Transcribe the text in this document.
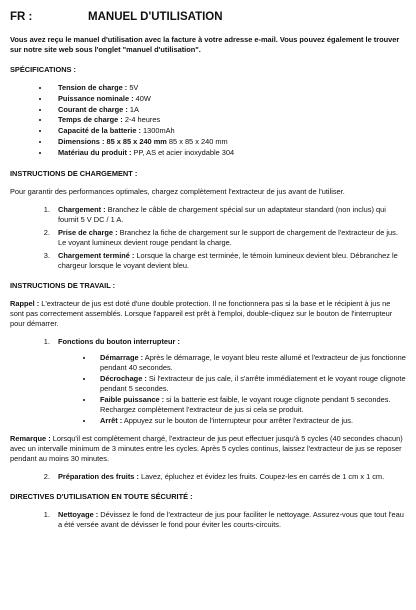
FR :	MANUEL D'UTILISATION

Vous avez reçu le manuel d'utilisation avec la facture à votre adresse e-mail. Vous pouvez également le trouver sur notre site web sous l'onglet "manuel d'utilisation".

SPÉCIFICATIONS :
• Tension de charge : 5V
• Puissance nominale : 40W
• Courant de charge : 1A
• Temps de charge : 2-4 heures
• Capacité de la batterie : 1300mAh
• Dimensions : 85 x 85 x 240 mm 85 x 85 x 240 mm
• Matériau du produit : PP, AS et acier inoxydable 304
INSTRUCTIONS DE CHARGEMENT :

Pour garantir des performances optimales, chargez complètement l'extracteur de jus avant de l'utiliser.

1. Chargement : Branchez le câble de chargement spécial sur un adaptateur standard (non inclus) qui fournit 5 V DC / 1 A.
2. Prise de charge : Branchez la fiche de chargement sur le support de chargement de l'extracteur de jus. Le voyant lumineux devient rouge pendant la charge.
3. Chargement terminé : Lorsque la charge est terminée, le témoin lumineux devient bleu. Débranchez le chargeur lorsque le voyant devient bleu.
INSTRUCTIONS DE TRAVAIL :

Rappel : L'extracteur de jus est doté d'une double protection. Il ne fonctionnera pas si la base et le récipient à jus ne sont pas correctement assemblés. Lorsque l'appareil est prêt à l'emploi, double-cliquez sur le bouton de l'interrupteur pour démarrer.

1. Fonctions du bouton interrupteur :
• Démarrage : Après le démarrage, le voyant bleu reste allumé et l'extracteur de jus fonctionne pendant 40 secondes.
• Décrochage : Si l'extracteur de jus cale, il s'arrête immédiatement et le voyant rouge clignote pendant 5 secondes.
• Faible puissance : si la batterie est faible, le voyant rouge clignote pendant 5 secondes. Rechargez complètement l'extracteur de jus si cela se produit.
• Arrêt : Appuyez sur le bouton de l'interrupteur pour arrêter l'extracteur de jus.

Remarque : Lorsqu'il est complètement chargé, l'extracteur de jus peut effectuer jusqu'à 5 cycles (40 secondes chacun) avec un intervalle minimum de 3 minutes entre les cycles. Après 5 cycles continus, laissez l'extracteur de jus se reposer pendant au moins 30 minutes.

2. Préparation des fruits : Lavez, épluchez et évidez les fruits. Coupez-les en carrés de 1 cm x 1 cm.
DIRECTIVES D'UTILISATION EN TOUTE SÉCURITÉ :
1. Nettoyage : Dévissez le fond de l'extracteur de jus pour faciliter le nettoyage. Assurez-vous que tout l'eau a été versée avant de dévisser le fond pour éviter les courts-circuits.
